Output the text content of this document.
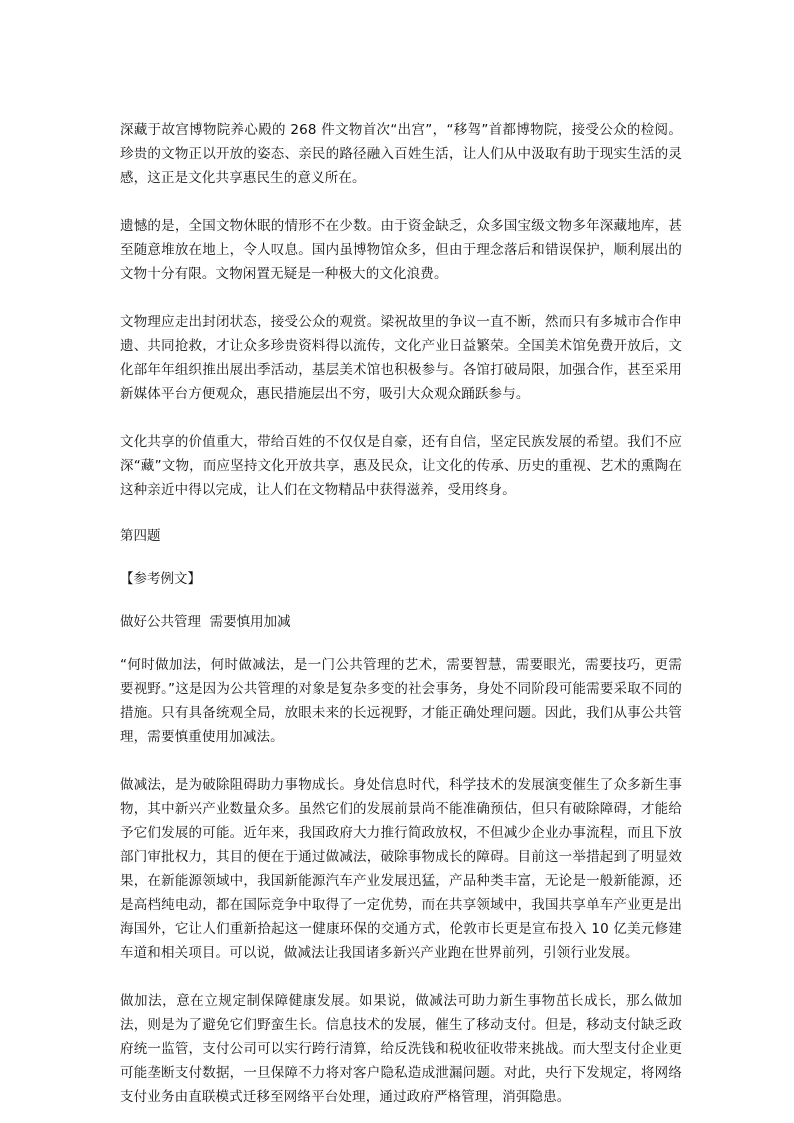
深藏于故宫博物院养心殿的 268 件文物首次“出宫”，“移驾”首都博物院，接受公众的检阅。珍贵的文物正以开放的姿态、亲民的路径融入百姓生活，让人们从中汲取有助于现实生活的灵感，这正是文化共享惠民生的意义所在。

遗憾的是，全国文物休眠的情形不在少数。由于资金缺乏，众多国宝级文物多年深藏地库，甚至随意堆放在地上，令人叹息。国内虽博物馆众多，但由于理念落后和错误保护，顺利展出的文物十分有限。文物闲置无疑是一种极大的文化浪费。

文物理应走出封闭状态，接受公众的观赏。梁祝故里的争议一直不断，然而只有多城市合作申遗、共同抢救，才让众多珍贵资料得以流传，文化产业日益繁荣。全国美术馆免费开放后，文化部年年组织推出展出季活动，基层美术馆也积极参与。各馆打破局限，加强合作，甚至采用新媒体平台方便观众，惠民措施层出不穷，吸引大众观众踊跃参与。

文化共享的价值重大，带给百姓的不仅仅是自豪，还有自信，坚定民族发展的希望。我们不应深“藏”文物，而应坚持文化开放共享，惠及民众，让文化的传承、历史的重视、艺术的熏陶在这种亲近中得以完成，让人们在文物精品中获得滋养，受用终身。

第四题
【参考例文】
做好公共管理  需要慎用加减

“何时做加法，何时做减法，是一门公共管理的艺术，需要智慧，需要眼光，需要技巧，更需要视野。”这是因为公共管理的对象是复杂多变的社会事务，身处不同阶段可能需要采取不同的措施。只有具备统观全局，放眼未来的长远视野，才能正确处理问题。因此，我们从事公共管理，需要慎重使用加减法。

做减法，是为破除阻碍助力事物成长。身处信息时代，科学技术的发展演变催生了众多新生事物，其中新兴产业数量众多。虽然它们的发展前景尚不能准确预估，但只有破除障碍，才能给予它们发展的可能。近年来，我国政府大力推行简政放权，不但减少企业办事流程，而且下放部门审批权力，其目的便在于通过做减法，破除事物成长的障碍。目前这一举措起到了明显效果，在新能源领域中，我国新能源汽车产业发展迅猛，产品种类丰富，无论是一般新能源，还是高档纯电动，都在国际竞争中取得了一定优势，而在共享领域中，我国共享单车产业更是出海国外，它让人们重新拾起这一健康环保的交通方式，伦敦市长更是宣布投入 10 亿美元修建车道和相关项目。可以说，做减法让我国诸多新兴产业跑在世界前列，引领行业发展。

做加法，意在立规定制保障健康发展。如果说，做减法可助力新生事物茁长成长，那么做加法，则是为了避免它们野蛮生长。信息技术的发展，催生了移动支付。但是，移动支付缺乏政府统一监管，支付公司可以实行跨行清算，给反洗钱和税收征收带来挑战。而大型支付企业更可能垄断支付数据，一旦保障不力将对客户隐私造成泄漏问题。对此，央行下发规定，将网络支付业务由直联模式迁移至网络平台处理，通过政府严格管理，消弭隐患。
